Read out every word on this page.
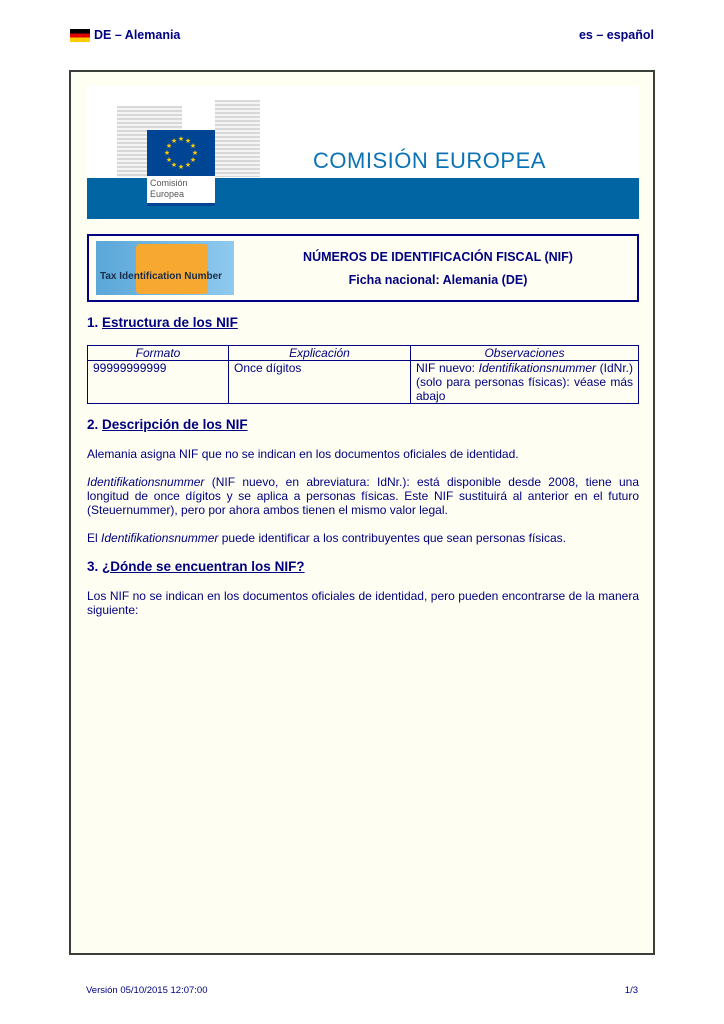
DE – Alemania	es – español
★ ★
★
★
★
★
★
★
★
★
★
★
Comisión
Europea
COMISIÓN EUROPEA
Tax Identification Number
NÚMEROS DE IDENTIFICACIÓN FISCAL (NIF)
Ficha nacional: Alemania (DE)
1. Estructura de los NIF
Formato	Explicación	Observaciones
99999999999	Once dígitos	NIF nuevo: Identifikationsnummer (IdNr.) (solo para personas físicas): véase más abajo
2. Descripción de los NIF

Alemania asigna NIF que no se indican en los documentos oficiales de identidad.

Identifikationsnummer (NIF nuevo, en abreviatura: IdNr.): está disponible desde 2008, tiene una longitud de once dígitos y se aplica a personas físicas. Este NIF sustituirá al anterior en el futuro (Steuernummer), pero por ahora ambos tienen el mismo valor legal.

El Identifikationsnummer puede identificar a los contribuyentes que sean personas físicas.

3. ¿Dónde se encuentran los NIF?

Los NIF no se indican en los documentos oficiales de identidad, pero pueden encontrarse de la manera siguiente:

Versión 05/10/2015 12:07:00	1/3
